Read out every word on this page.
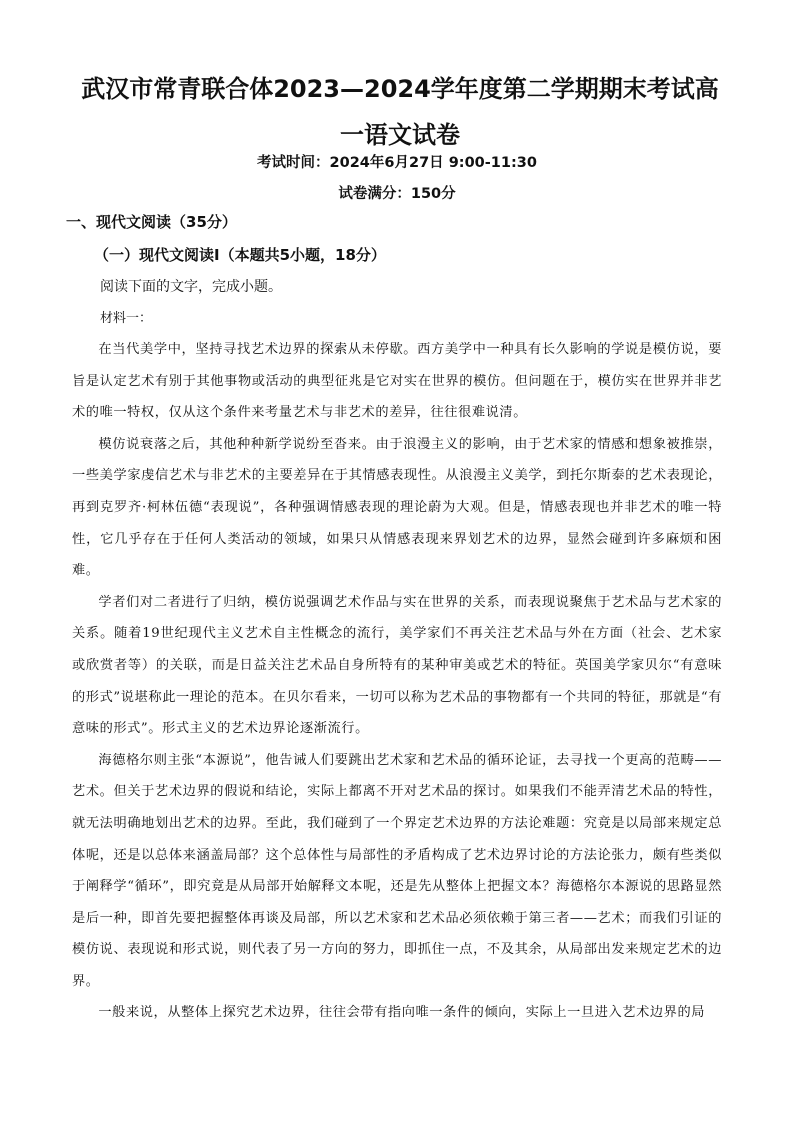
武汉市常青联合体2023—2024学年度第二学期期末考试高一语文试卷
考试时间：2024年6月27日 9:00-11:30
试卷满分：150分
一、现代文阅读（35分）
（一）现代文阅读Ⅰ（本题共5小题，18分）
阅读下面的文字，完成小题。
材料一：

在当代美学中，坚持寻找艺术边界的探索从未停歇。西方美学中一种具有长久影响的学说是模仿说，要旨是认定艺术有别于其他事物或活动的典型征兆是它对实在世界的模仿。但问题在于，模仿实在世界并非艺术的唯一特权，仅从这个条件来考量艺术与非艺术的差异，往往很难说清。

模仿说衰落之后，其他种种新学说纷至沓来。由于浪漫主义的影响，由于艺术家的情感和想象被推崇，一些美学家虔信艺术与非艺术的主要差异在于其情感表现性。从浪漫主义美学，到托尔斯泰的艺术表现论，再到克罗齐·柯林伍德“表现说”，各种强调情感表现的理论蔚为大观。但是，情感表现也并非艺术的唯一特性，它几乎存在于任何人类活动的领域，如果只从情感表现来界划艺术的边界，显然会碰到许多麻烦和困难。

学者们对二者进行了归纳，模仿说强调艺术作品与实在世界的关系，而表现说聚焦于艺术品与艺术家的关系。随着19世纪现代主义艺术自主性概念的流行，美学家们不再关注艺术品与外在方面（社会、艺术家或欣赏者等）的关联，而是日益关注艺术品自身所特有的某种审美或艺术的特征。英国美学家贝尔“有意味的形式”说堪称此一理论的范本。在贝尔看来，一切可以称为艺术品的事物都有一个共同的特征，那就是“有意味的形式”。形式主义的艺术边界论逐渐流行。

海德格尔则主张“本源说”，他告诫人们要跳出艺术家和艺术品的循环论证，去寻找一个更高的范畴——艺术。但关于艺术边界的假说和结论，实际上都离不开对艺术品的探讨。如果我们不能弄清艺术品的特性，就无法明确地划出艺术的边界。至此，我们碰到了一个界定艺术边界的方法论难题：究竟是以局部来规定总体呢，还是以总体来涵盖局部？这个总体性与局部性的矛盾构成了艺术边界讨论的方法论张力，颇有些类似于阐释学“循环”，即究竟是从局部开始解释文本呢，还是先从整体上把握文本？海德格尔本源说的思路显然是后一种，即首先要把握整体再谈及局部，所以艺术家和艺术品必须依赖于第三者——艺术；而我们引证的模仿说、表现说和形式说，则代表了另一方向的努力，即抓住一点，不及其余，从局部出发来规定艺术的边界。

一般来说，从整体上探究艺术边界，往往会带有指向唯一条件的倾向，实际上一旦进入艺术边界的局
